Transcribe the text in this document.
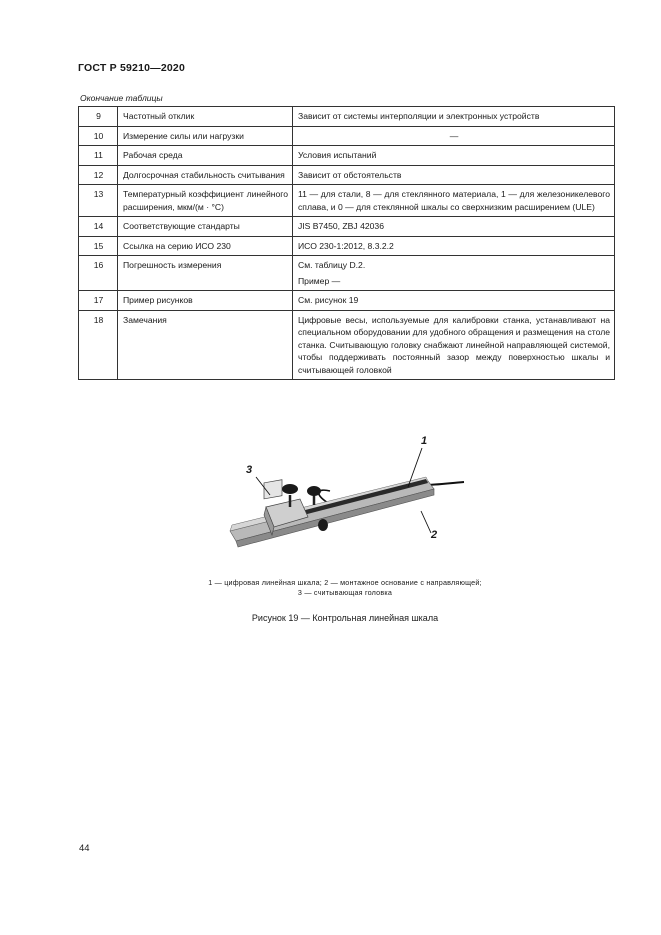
ГОСТ Р 59210—2020
Окончание таблицы
9	Частотный отклик	Зависит от системы интерполяции и электронных устройств
10	Измерение силы или нагрузки	—
11	Рабочая среда	Условия испытаний
12	Долгосрочная стабильность считывания	Зависит от обстоятельств
13	Температурный коэффициент линейного расширения, мкм/(м · °С)	11 — для стали, 8 — для стеклянного материала, 1 — для железоникелевого сплава, и 0 — для стеклянной шкалы со сверхнизким расширением (ULE)
14	Соответствующие стандарты	JIS B7450, ZBJ 42036
15	Ссылка на серию ИСО 230	ИСО 230-1:2012, 8.3.2.2
16	Погрешность измерения	См. таблицу D.2.
Пример —

17	Пример рисунков	См. рисунок 19
18	Замечания	Цифровые весы, используемые для калибровки станка, устанавливают на специальном оборудовании для удобного обращения и размещения на столе станка. Считывающую головку снабжают линейной направляющей системой, чтобы поддерживать постоянный зазор между поверхностью шкалы и считывающей головкой
1
2
3
1 — цифровая линейная шкала; 2 — монтажное основание с направляющей;
3 — считывающая головка
Рисунок 19 — Контрольная линейная шкала
44
